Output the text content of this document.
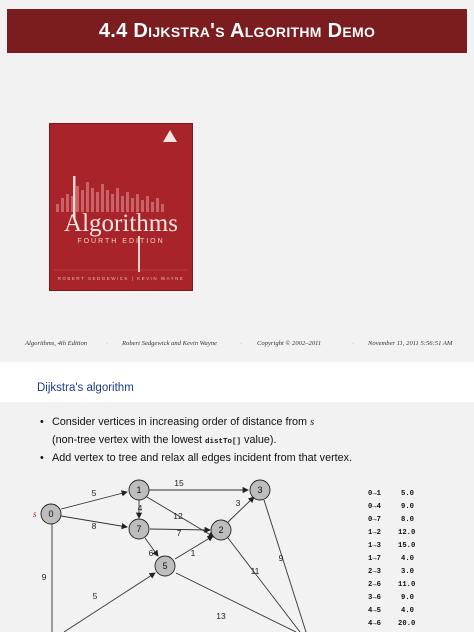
4.4 Dijkstra's Algorithm Demo
Algorithms
FOURTH EDITION
ROBERT SEDGEWICK | KEVIN WAYNE
Algorithms, 4th Edition	· Robert Sedgewick and Kevin Wayne	· Copyright © 2002–2011	· November 11, 2011 5:56:51 AM
Dijkstra's algorithm
• Consider vertices in increasing order of distance from s
(non-tree vertex with the lowest distTo[] value).
• Add vertex to tree and relax all edges incident from that vertex.
5
8
9
15
4
12
7
6
3
1
11
9
5
13
0
1
2
3
5
7
s
0→1	5.0
0→4	9.0
0→7	8.0
1→2 12.0
1→3 15.0
1→7	4.0
2→3	3.0
2→6 11.0
3→6	9.0
4→5	4.0
4→6 20.0
